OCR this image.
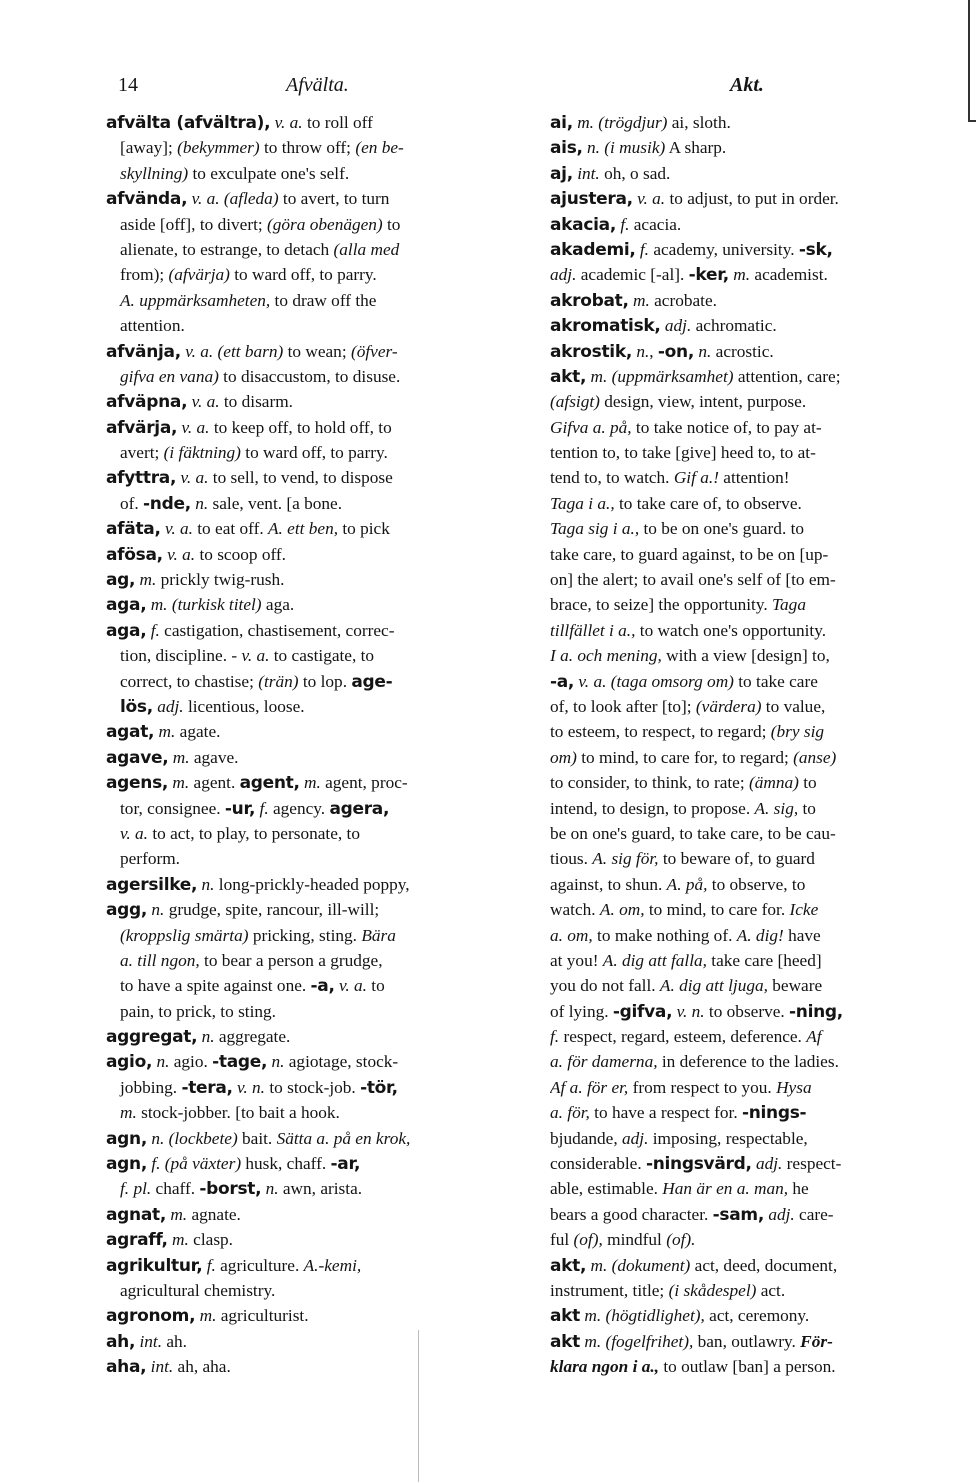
14	Afvälta.	Akt.
afvälta (afvältra), v. a. to roll off
[away]; (bekymmer) to throw off; (en be-
skyllning) to exculpate one's self.
afvända, v. a. (afleda) to avert, to turn
aside [off], to divert; (göra obenägen) to
alienate, to estrange, to detach (alla med
from); (afvärja) to ward off, to parry.
A. uppmärksamheten, to draw off the
attention.
afvänja, v. a. (ett barn) to wean; (öfver-
gifva en vana) to disaccustom, to disuse.
afväpna, v. a. to disarm.
afvärja, v. a. to keep off, to hold off, to
avert; (i fäktning) to ward off, to parry.
afyttra, v. a. to sell, to vend, to dispose
of. -nde, n. sale, vent. [a bone.
afäta, v. a. to eat off. A. ett ben, to pick
afösa, v. a. to scoop off.
ag, m. prickly twig-rush.
aga, m. (turkisk titel) aga.
aga, f. castigation, chastisement, correc-
tion, discipline. - v. a. to castigate, to
correct, to chastise; (trän) to lop. age-
lös, adj. licentious, loose.
agat, m. agate.
agave, m. agave.
agens, m. agent. agent, m. agent, proc-
tor, consignee. -ur, f. agency. agera,
v. a. to act, to play, to personate, to
perform.
agersilke, n. long-prickly-headed poppy,
agg, n. grudge, spite, rancour, ill-will;
(kroppslig smärta) pricking, sting. Bära
a. till ngon, to bear a person a grudge,
to have a spite against one. -a, v. a. to
pain, to prick, to sting.
aggregat, n. aggregate.
agio, n. agio. -tage, n. agiotage, stock-
jobbing. -tera, v. n. to stock-job. -tör,
m. stock-jobber. [to bait a hook.
agn, n. (lockbete) bait. Sätta a. på en krok,
agn, f. (på växter) husk, chaff. -ar,
f. pl. chaff. -borst, n. awn, arista.
agnat, m. agnate.
agraff, m. clasp.
agrikultur, f. agriculture. A.-kemi,
agricultural chemistry.
agronom, m. agriculturist.
ah, int. ah.
aha, int. ah, aha.
ai, m. (trögdjur) ai, sloth.
ais, n. (i musik) A sharp.
aj, int. oh, o sad.
ajustera, v. a. to adjust, to put in order.
akacia, f. acacia.
akademi, f. academy, university. -sk,
adj. academic [-al]. -ker, m. academist.
akrobat, m. acrobate.
akromatisk, adj. achromatic.
akrostik, n., -on, n. acrostic.
akt, m. (uppmärksamhet) attention, care;
(afsigt) design, view, intent, purpose.
Gifva a. på, to take notice of, to pay at-
tention to, to take [give] heed to, to at-
tend to, to watch. Gif a.! attention!
Taga i a., to take care of, to observe.
Taga sig i a., to be on one's guard. to
take care, to guard against, to be on [up-
on] the alert; to avail one's self of [to em-
brace, to seize] the opportunity. Taga
tillfället i a., to watch one's opportunity.
I a. och mening, with a view [design] to,
-a, v. a. (taga omsorg om) to take care
of, to look after [to]; (värdera) to value,
to esteem, to respect, to regard; (bry sig
om) to mind, to care for, to regard; (anse)
to consider, to think, to rate; (ämna) to
intend, to design, to propose. A. sig, to
be on one's guard, to take care, to be cau-
tious. A. sig för, to beware of, to guard
against, to shun. A. på, to observe, to
watch. A. om, to mind, to care for. Icke
a. om, to make nothing of. A. dig! have
at you! A. dig att falla, take care [heed]
you do not fall. A. dig att ljuga, beware
of lying. -gifva, v. n. to observe. -ning,
f. respect, regard, esteem, deference. Af
a. för damerna, in deference to the ladies.
Af a. för er, from respect to you. Hysa
a. för, to have a respect for. -nings-
bjudande, adj. imposing, respectable,
considerable. -ningsvärd, adj. respect-
able, estimable. Han är en a. man, he
bears a good character. -sam, adj. care-
ful (of), mindful (of).
akt, m. (dokument) act, deed, document,
instrument, title; (i skådespel) act.
akt m. (högtidlighet), act, ceremony.
akt m. (fogelfrihet), ban, outlawry. För-
klara ngon i a., to outlaw [ban] a person.
